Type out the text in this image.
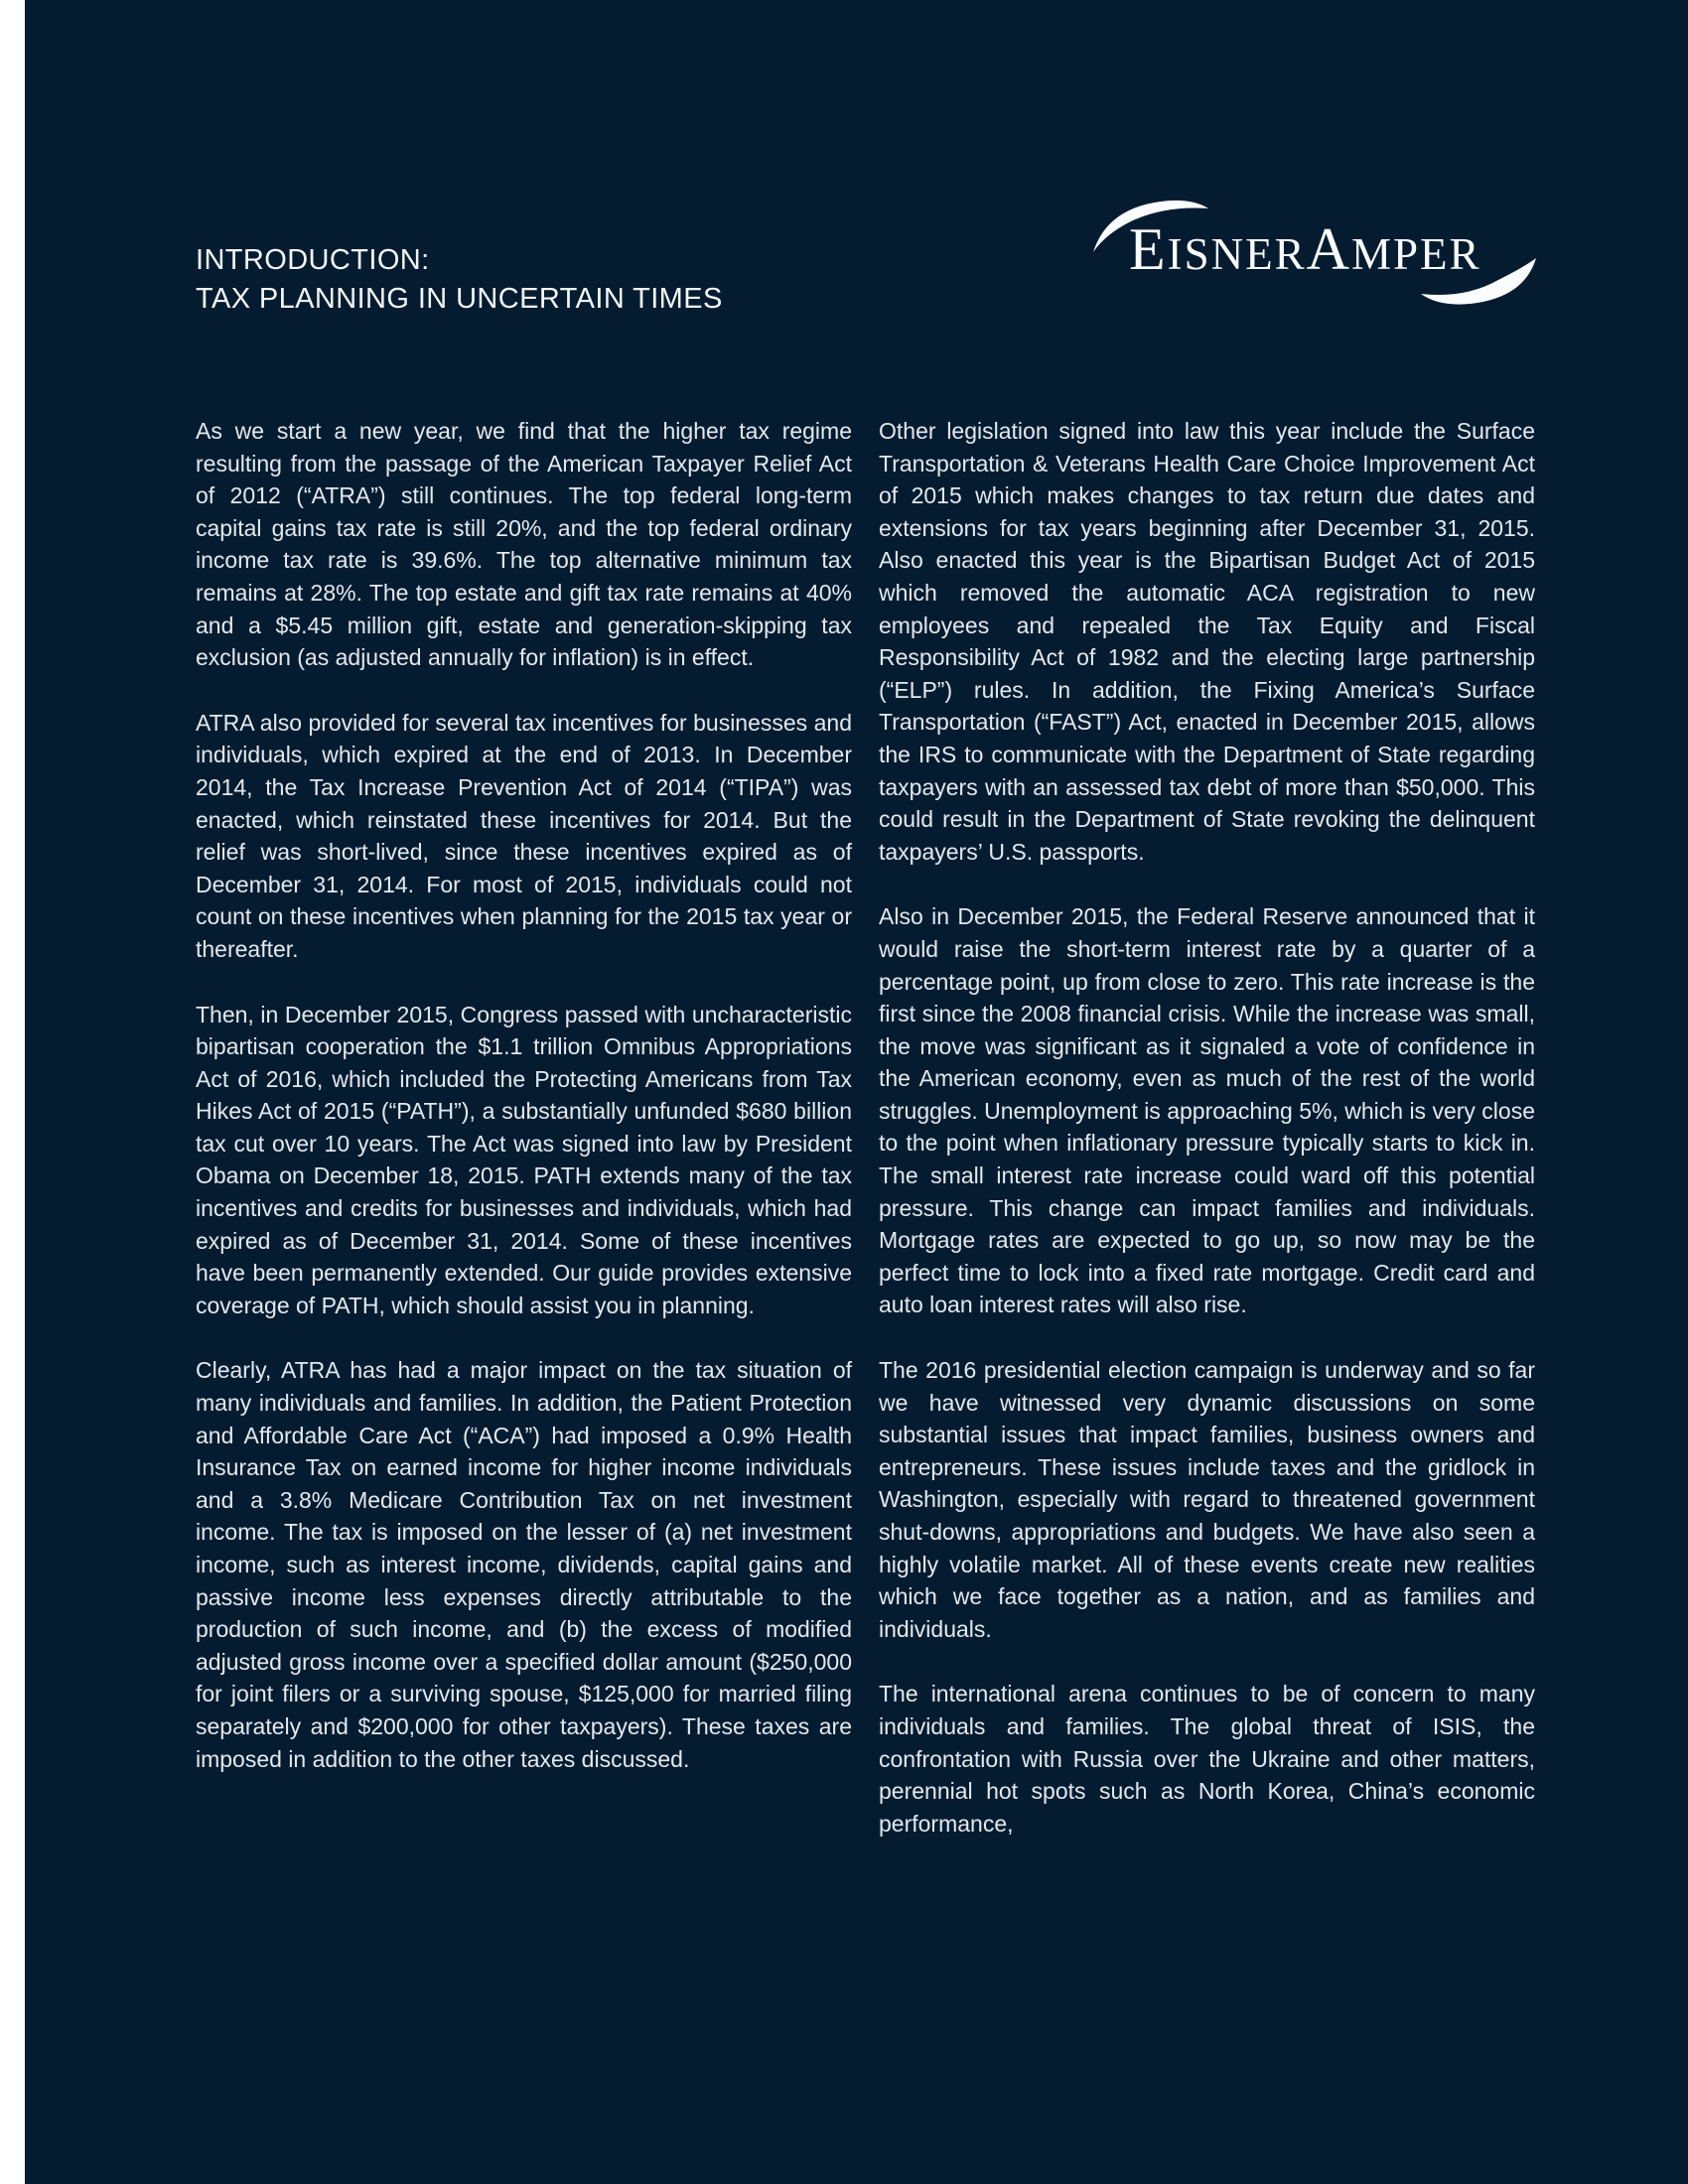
INTRODUCTION:
TAX PLANNING IN UNCERTAIN TIMES
EISNERAMPER

As we start a new year, we find that the higher tax regime resulting from the passage of the American Taxpayer Relief Act of 2012 (“ATRA”) still continues. The top federal long-term capital gains tax rate is still 20%, and the top federal ordinary income tax rate is 39.6%. The top alternative minimum tax remains at 28%. The top estate and gift tax rate remains at 40% and a $5.45 million gift, estate and generation-skipping tax exclusion (as adjusted annually for inflation) is in effect.

ATRA also provided for several tax incentives for businesses and individuals, which expired at the end of 2013. In December 2014, the Tax Increase Prevention Act of 2014 (“TIPA”) was enacted, which reinstated these incentives for 2014. But the relief was short-lived, since these incentives expired as of December 31, 2014. For most of 2015, individuals could not count on these incentives when planning for the 2015 tax year or thereafter.

Then, in December 2015, Congress passed with uncharacteristic bipartisan cooperation the $1.1 trillion Omnibus Appropriations Act of 2016, which included the Protecting Americans from Tax Hikes Act of 2015 (“PATH”), a substantially unfunded $680 billion tax cut over 10 years. The Act was signed into law by President Obama on December 18, 2015. PATH extends many of the tax incentives and credits for businesses and individuals, which had expired as of December 31, 2014. Some of these incentives have been permanently extended. Our guide provides extensive coverage of PATH, which should assist you in planning.

Clearly, ATRA has had a major impact on the tax situation of many individuals and families. In addition, the Patient Protection and Affordable Care Act (“ACA”) had imposed a 0.9% Health Insurance Tax on earned income for higher income individuals and a 3.8% Medicare Contribution Tax on net investment income. The tax is imposed on the lesser of (a) net investment income, such as interest income, dividends, capital gains and passive income less expenses directly attributable to the production of such income, and (b) the excess of modified adjusted gross income over a specified dollar amount ($250,000 for joint filers or a surviving spouse, $125,000 for married filing separately and $200,000 for other taxpayers). These taxes are imposed in addition to the other taxes discussed.

Other legislation signed into law this year include the Surface Transportation & Veterans Health Care Choice Improvement Act of 2015 which makes changes to tax return due dates and extensions for tax years beginning after December 31, 2015. Also enacted this year is the Bipartisan Budget Act of 2015 which removed the automatic ACA registration to new employees and repealed the Tax Equity and Fiscal Responsibility Act of 1982 and the electing large partnership (“ELP”) rules. In addition, the Fixing America’s Surface Transportation (“FAST”) Act, enacted in December 2015, allows the IRS to communicate with the Department of State regarding taxpayers with an assessed tax debt of more than $50,000. This could result in the Department of State revoking the delinquent taxpayers’ U.S. passports.

Also in December 2015, the Federal Reserve announced that it would raise the short-term interest rate by a quarter of a percentage point, up from close to zero. This rate increase is the first since the 2008 financial crisis. While the increase was small, the move was significant as it signaled a vote of confidence in the American economy, even as much of the rest of the world struggles. Unemployment is approaching 5%, which is very close to the point when inflationary pressure typically starts to kick in. The small interest rate increase could ward off this potential pressure. This change can impact families and individuals. Mortgage rates are expected to go up, so now may be the perfect time to lock into a fixed rate mortgage. Credit card and auto loan interest rates will also rise.

The 2016 presidential election campaign is underway and so far we have witnessed very dynamic discussions on some substantial issues that impact families, business owners and entrepreneurs. These issues include taxes and the gridlock in Washington, especially with regard to threatened government shut-downs, appropriations and budgets. We have also seen a highly volatile market. All of these events create new realities which we face together as a nation, and as families and individuals.

The international arena continues to be of concern to many individuals and families. The global threat of ISIS, the confrontation with Russia over the Ukraine and other matters, perennial hot spots such as North Korea, China’s economic performance,
